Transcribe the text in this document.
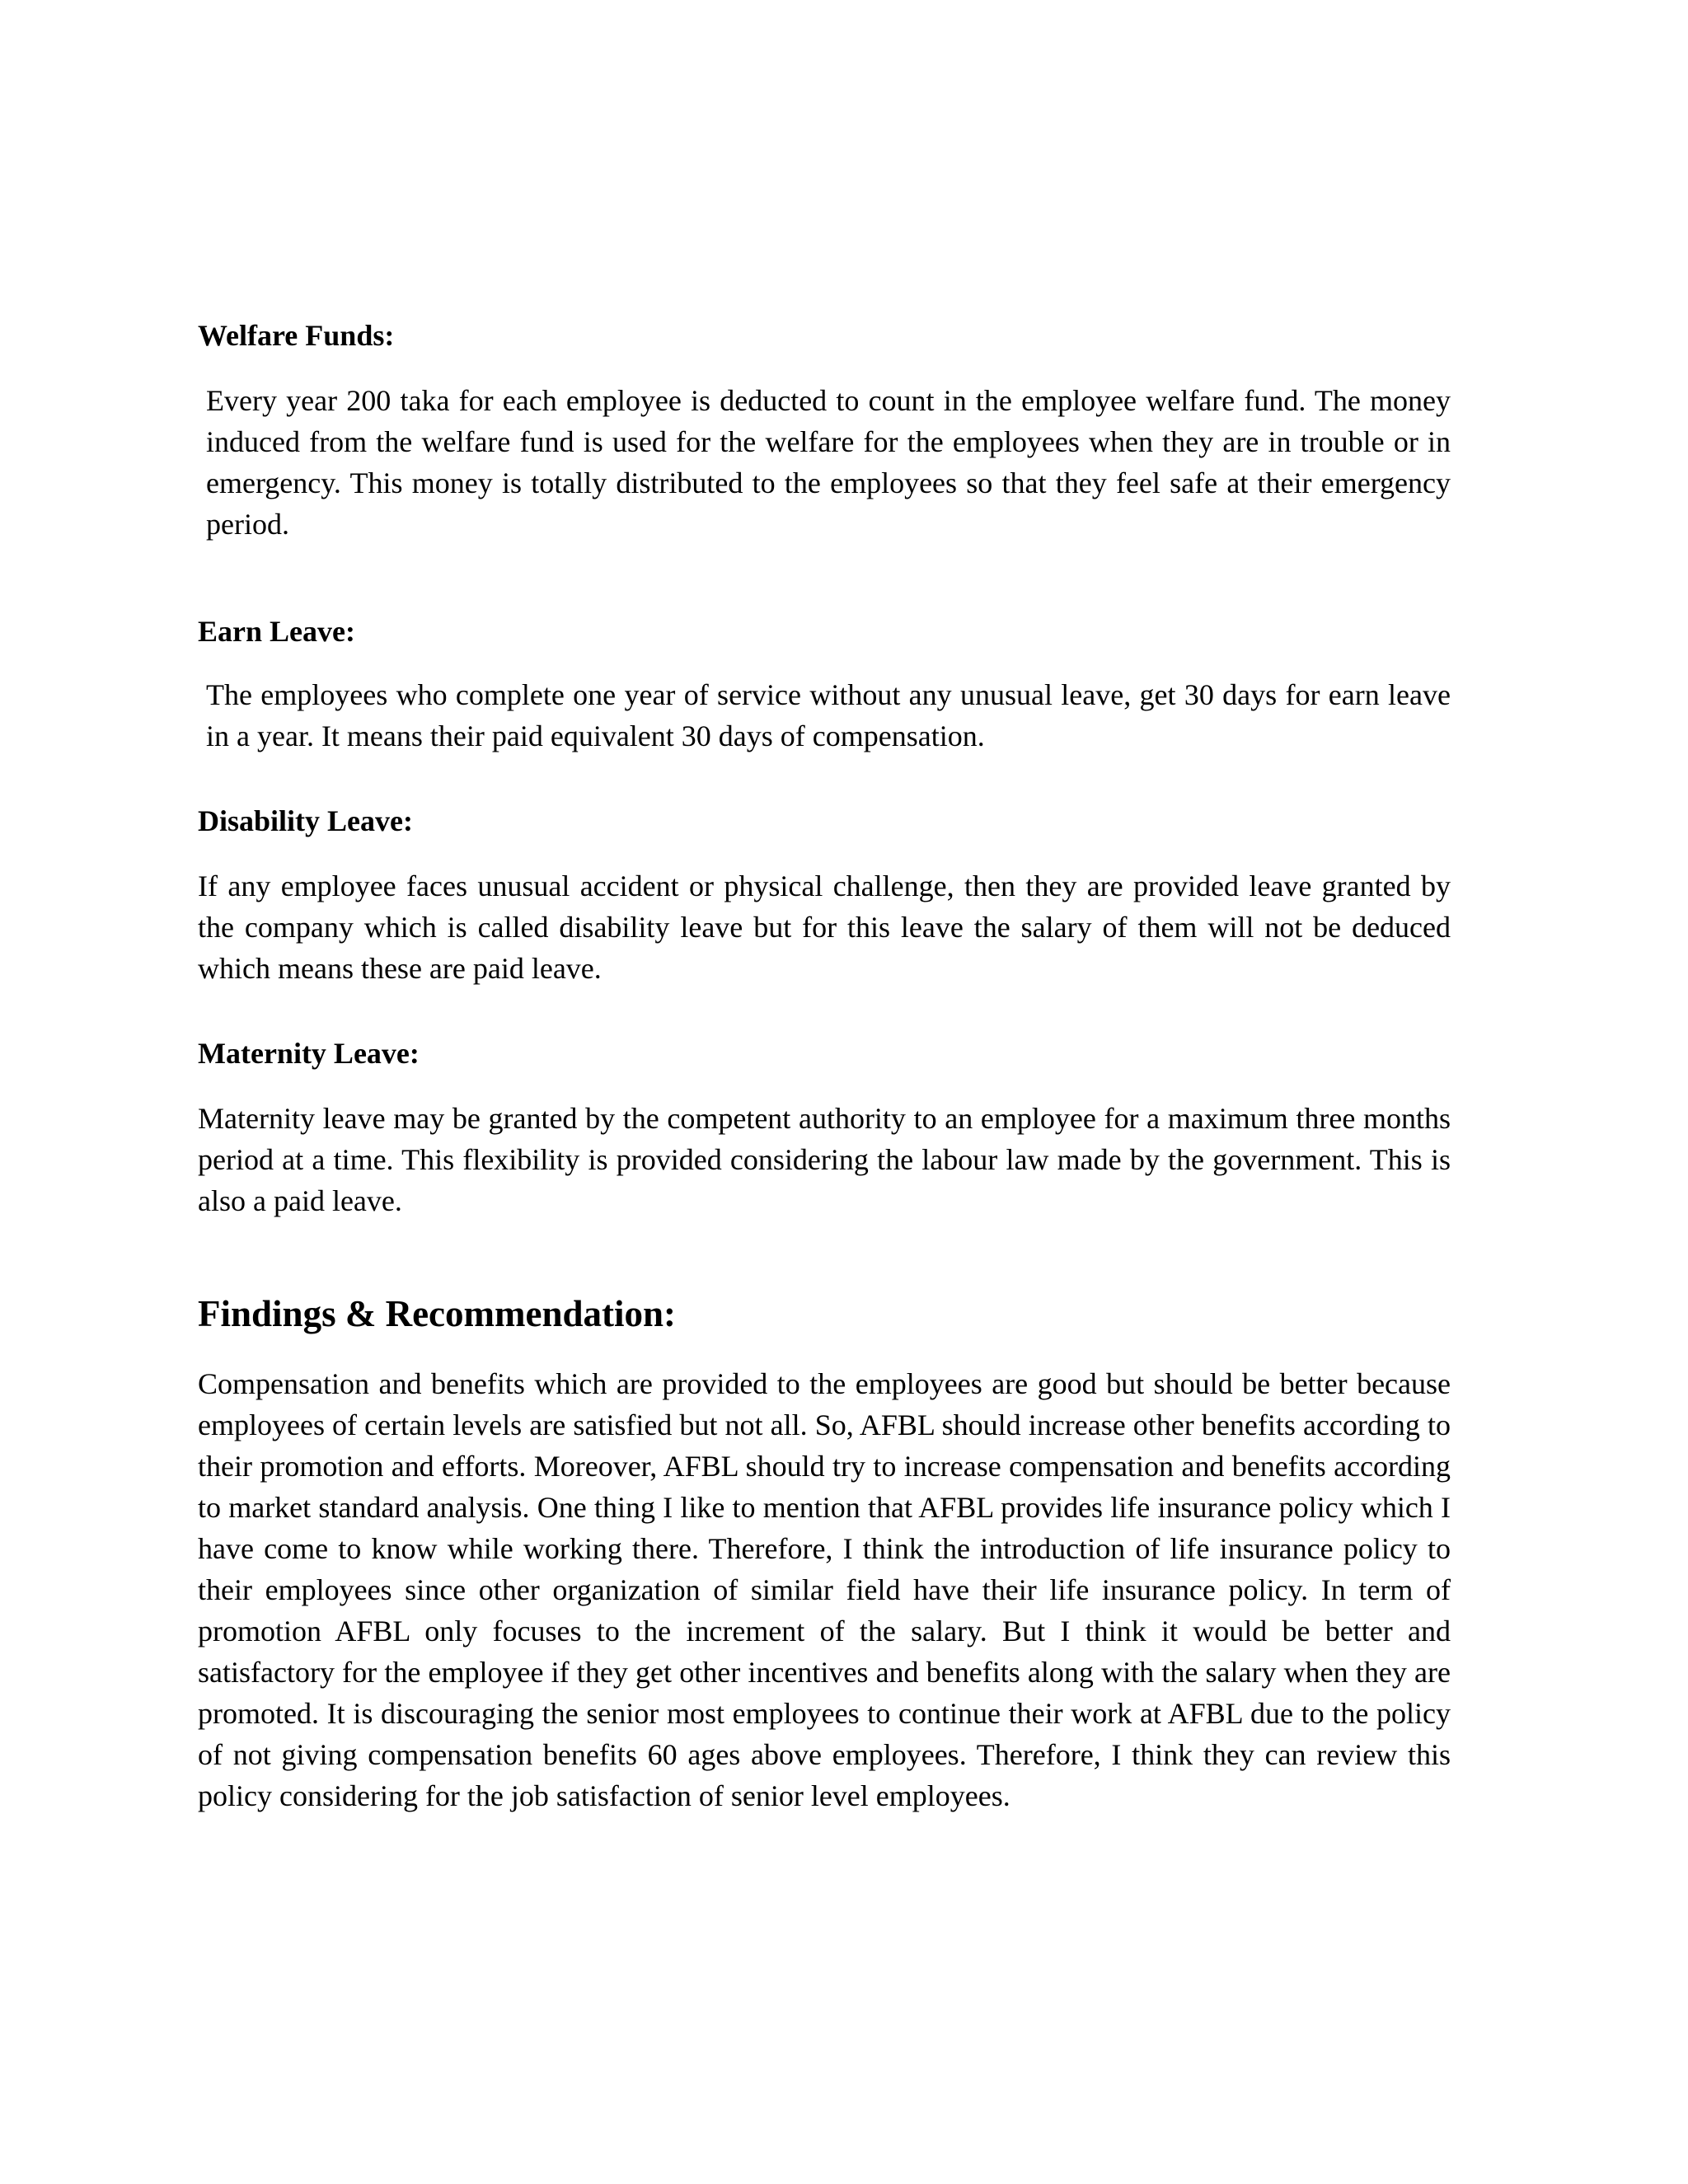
Welfare Funds:

Every year 200 taka for each employee is deducted to count in the employee welfare fund. The money induced from the welfare fund is used for the welfare for the employees when they are in trouble or in emergency. This money is totally distributed to the employees so that they feel safe at their emergency period.

Earn Leave:

The employees who complete one year of service without any unusual leave, get 30 days for earn leave in a year. It means their paid equivalent 30 days of compensation.

Disability Leave:

If any employee faces unusual accident or physical challenge, then they are provided leave granted by the company which is called disability leave but for this leave the salary of them will not be deduced which means these are paid leave.

Maternity Leave:

Maternity leave may be granted by the competent authority to an employee for a maximum three months period at a time. This flexibility is provided considering the labour law made by the government. This is also a paid leave.

Findings & Recommendation:

Compensation and benefits which are provided to the employees are good but should be better because employees of certain levels are satisfied but not all. So, AFBL should increase other benefits according to their promotion and efforts. Moreover, AFBL should try to increase compensation and benefits according to market standard analysis. One thing I like to mention that AFBL provides life insurance policy which I have come to know while working there. Therefore, I think the introduction of life insurance policy to their employees since other organization of similar field have their life insurance policy. In term of promotion AFBL only focuses to the increment of the salary. But I think it would be better and satisfactory for the employee if they get other incentives and benefits along with the salary when they are promoted. It is discouraging the senior most employees to continue their work at AFBL due to the policy of not giving compensation benefits 60 ages above employees. Therefore, I think they can review this policy considering for the job satisfaction of senior level employees.
